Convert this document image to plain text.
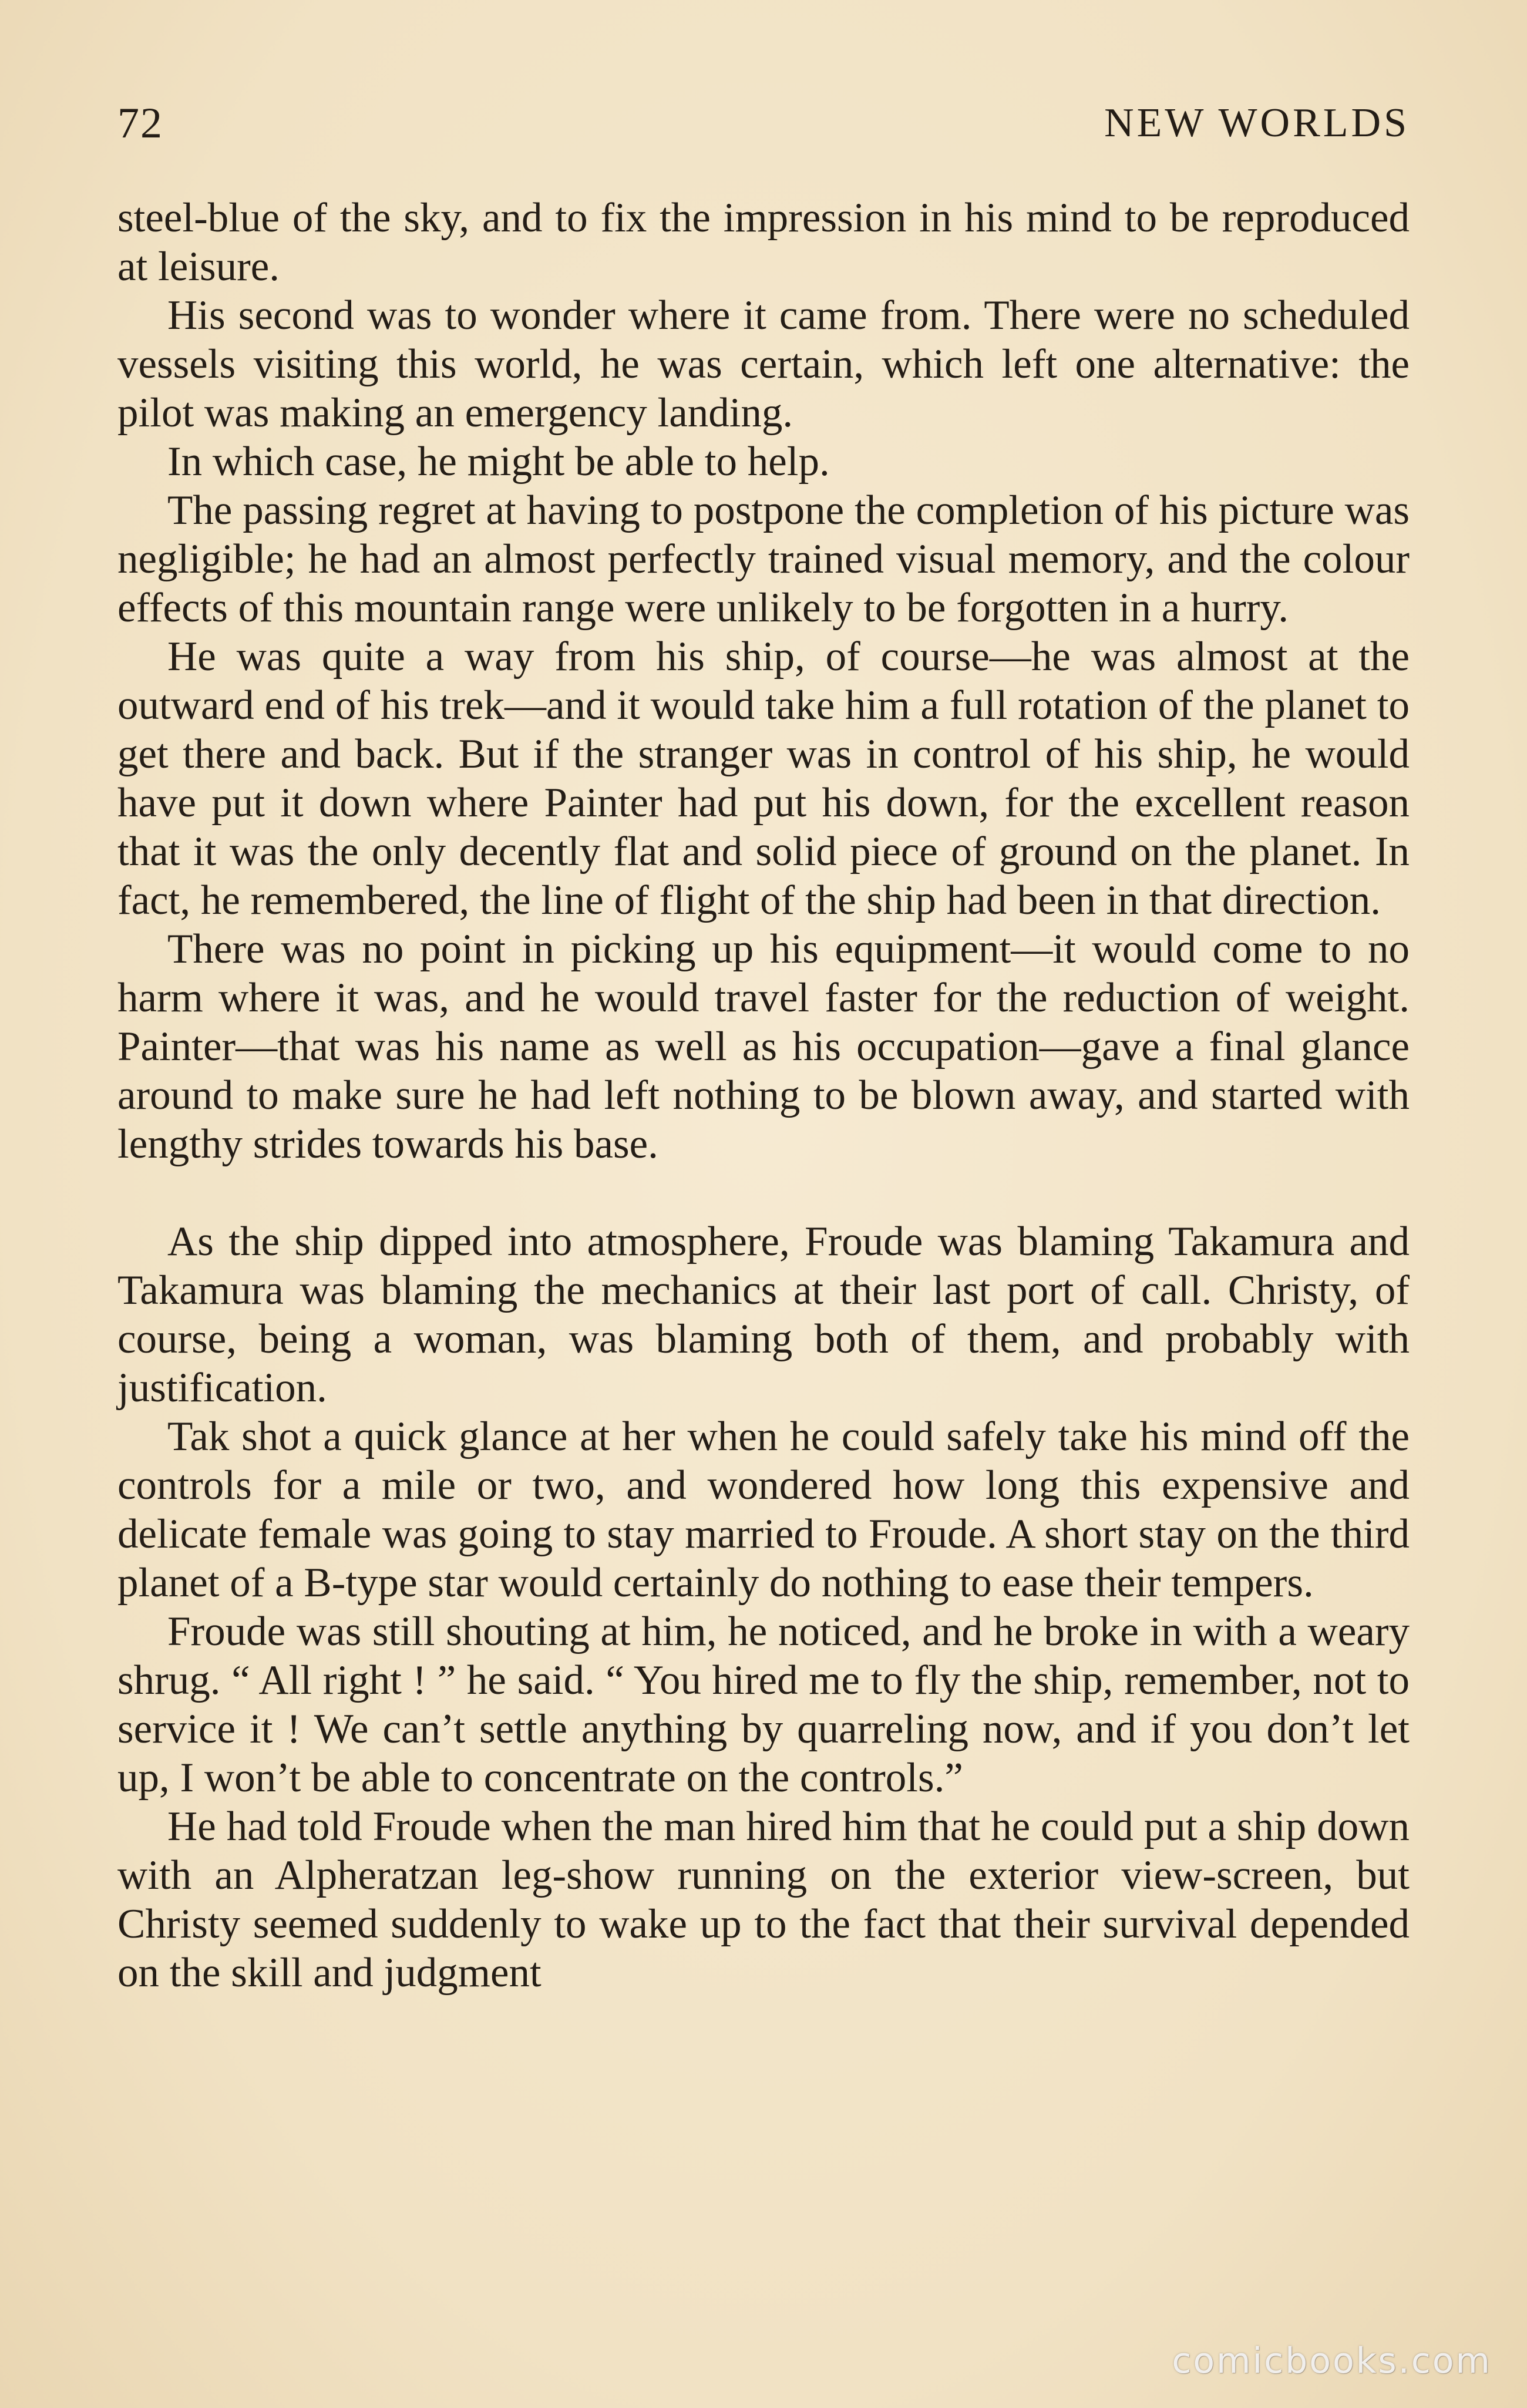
72	NEW WORLDS

steel-blue of the sky, and to fix the impression in his mind to be reproduced at leisure.

His second was to wonder where it came from. There were no scheduled vessels visiting this world, he was certain, which left one alternative: the pilot was making an emergency landing.

In which case, he might be able to help.

The passing regret at having to postpone the completion of his picture was negligible; he had an almost perfectly trained visual memory, and the colour effects of this mountain range were unlikely to be forgotten in a hurry.

He was quite a way from his ship, of course—he was almost at the outward end of his trek—and it would take him a full rotation of the planet to get there and back. But if the stranger was in control of his ship, he would have put it down where Painter had put his down, for the excellent reason that it was the only decently flat and solid piece of ground on the planet. In fact, he remembered, the line of flight of the ship had been in that direction.

There was no point in picking up his equipment—it would come to no harm where it was, and he would travel faster for the reduction of weight. Painter—that was his name as well as his occupation—gave a final glance around to make sure he had left nothing to be blown away, and started with lengthy strides towards his base.

As the ship dipped into atmosphere, Froude was blaming Takamura and Takamura was blaming the mechanics at their last port of call. Christy, of course, being a woman, was blaming both of them, and probably with justification.

Tak shot a quick glance at her when he could safely take his mind off the controls for a mile or two, and wondered how long this expensive and delicate female was going to stay married to Froude. A short stay on the third planet of a B-type star would certainly do nothing to ease their tempers.

Froude was still shouting at him, he noticed, and he broke in with a weary shrug. “ All right ! ” he said. “ You hired me to fly the ship, remember, not to service it ! We can’t settle anything by quarreling now, and if you don’t let up, I won’t be able to concentrate on the controls.”

He had told Froude when the man hired him that he could put a ship down with an Alpheratzan leg-show running on the exterior view-screen, but Christy seemed suddenly to wake up to the fact that their survival depended on the skill and judgment

comicbooks.com
